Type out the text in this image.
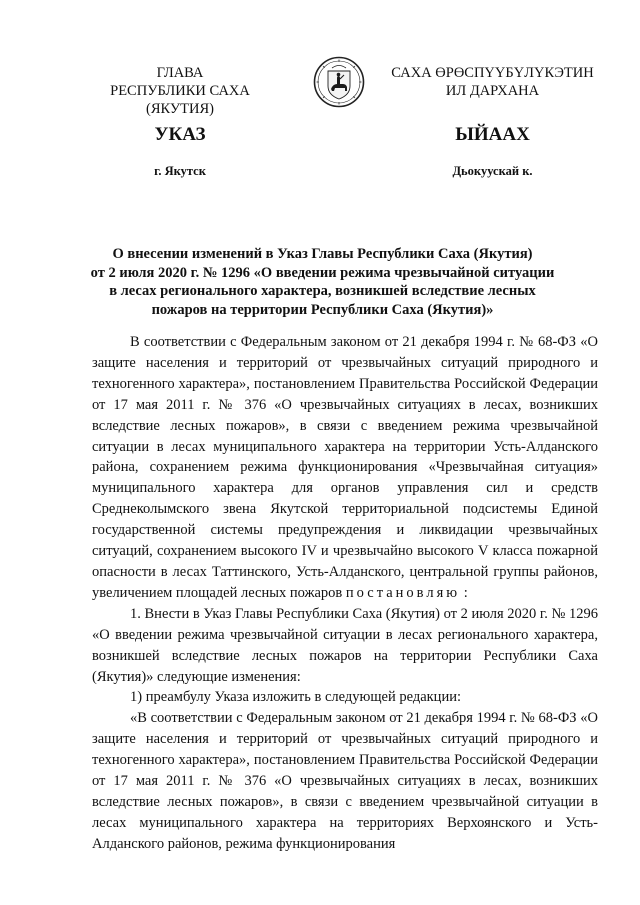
ГЛАВА
РЕСПУБЛИКИ САХА (ЯКУТИЯ)
САХА ӨРӨСПҮҮБҮЛҮКЭТИН
ИЛ ДАРХАНА
УКАЗ	ЫЙААХ
г. Якутск	Дьокуускай к.
О внесении изменений в Указ Главы Республики Саха (Якутия)
от 2 июля 2020 г. № 1296 «О введении режима чрезвычайной ситуации
в лесах регионального характера, возникшей вследствие лесных
пожаров на территории Республики Саха (Якутия)»

В соответствии с Федеральным законом от 21 декабря 1994 г. № 68-ФЗ «О защите населения и территорий от чрезвычайных ситуаций природного и техногенного характера», постановлением Правительства Российской Федерации от 17 мая 2011 г. № 376 «О чрезвычайных ситуациях в лесах, возникших вследствие лесных пожаров», в связи с введением режима чрезвычайной ситуации в лесах муниципального характера на территории Усть-Алданского района, сохранением режима функционирования «Чрезвычайная ситуация» муниципального характера для органов управления сил и средств Среднеколымского звена Якутской территориальной подсистемы Единой государственной системы предупреждения и ликвидации чрезвычайных ситуаций, сохранением высокого IV и чрезвычайно высокого V класса пожарной опасности в лесах Таттинского, Усть-Алданского, центральной группы районов, увеличением площадей лесных пожаров постановляю :

1. Внести в Указ Главы Республики Саха (Якутия) от 2 июля 2020 г. № 1296 «О введении режима чрезвычайной ситуации в лесах регионального характера, возникшей вследствие лесных пожаров на территории Республики Саха (Якутия)» следующие изменения:

1) преамбулу Указа изложить в следующей редакции:

«В соответствии с Федеральным законом от 21 декабря 1994 г. № 68-ФЗ «О защите населения и территорий от чрезвычайных ситуаций природного и техногенного характера», постановлением Правительства Российской Федерации от 17 мая 2011 г. № 376 «О чрезвычайных ситуациях в лесах, возникших вследствие лесных пожаров», в связи с введением чрезвычайной ситуации в лесах муниципального характера на территориях Верхоянского и Усть-Алданского районов, режима функционирования
